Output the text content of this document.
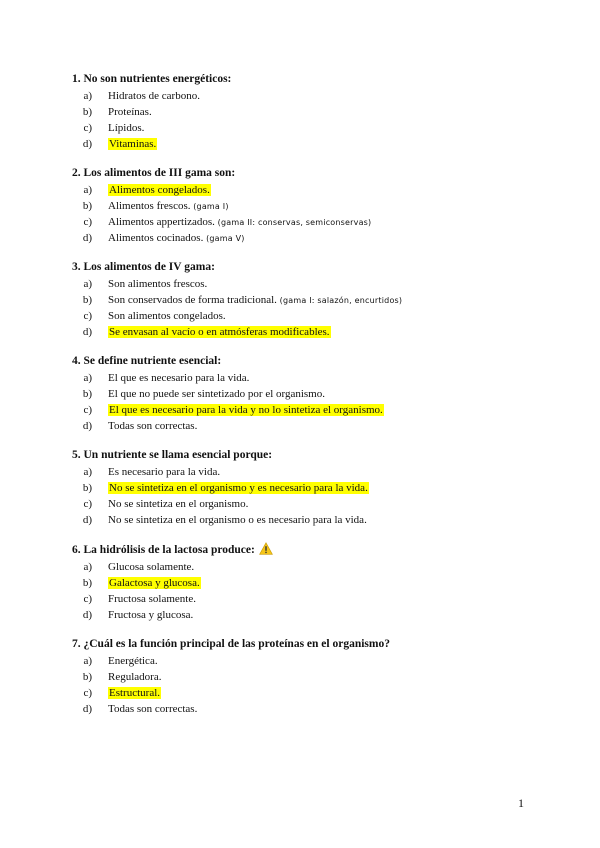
1. No son nutrientes energéticos:
a) Hidratos de carbono.
b) Proteínas.
c) Lípidos.
d) Vitaminas.
2. Los alimentos de III gama son:
a) Alimentos congelados.
b) Alimentos frescos. (gama I)
c) Alimentos appertizados. (gama II: conservas, semiconservas)
d) Alimentos cocinados. (gama V)
3. Los alimentos de IV gama:
a) Son alimentos frescos.
b) Son conservados de forma tradicional. (gama I: salazón, encurtidos)
c) Son alimentos congelados.
d) Se envasan al vacío o en atmósferas modificables.
4. Se define nutriente esencial:
a) El que es necesario para la vida.
b) El que no puede ser sintetizado por el organismo.
c) El que es necesario para la vida y no lo sintetiza el organismo.
d) Todas son correctas.
5. Un nutriente se llama esencial porque:
a) Es necesario para la vida.
b) No se sintetiza en el organismo y es necesario para la vida.
c) No se sintetiza en el organismo.
d) No se sintetiza en el organismo o es necesario para la vida.
6. La hidrólisis de la lactosa produce:
a) Glucosa solamente.
b) Galactosa y glucosa.
c) Fructosa solamente.
d) Fructosa y glucosa.
7. ¿Cuál es la función principal de las proteínas en el organismo?
a) Energética.
b) Reguladora.
c) Estructural.
d) Todas son correctas.
1
